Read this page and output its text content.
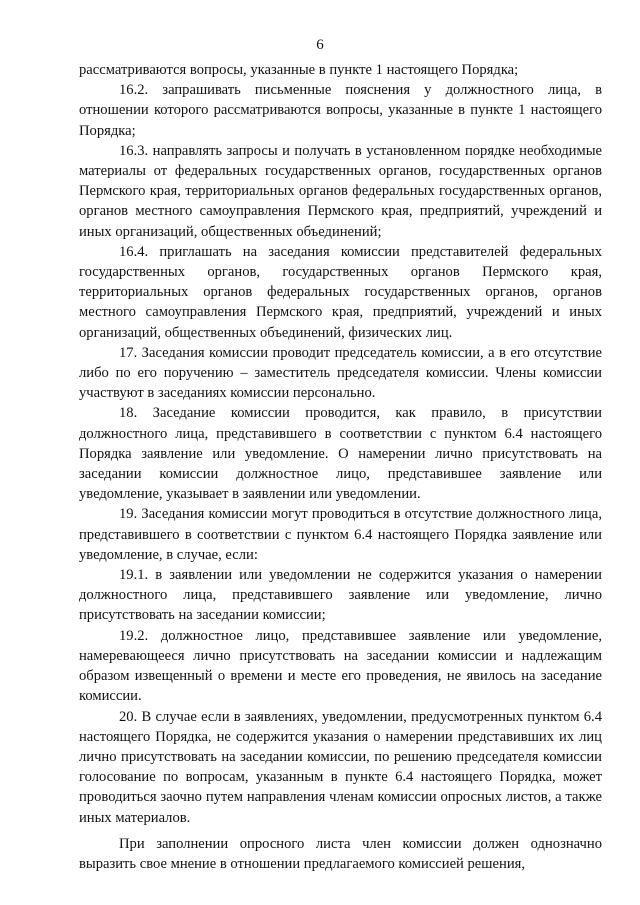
6

рассматриваются вопросы, указанные в пункте 1 настоящего Порядка;

16.2. запрашивать письменные пояснения у должностного лица, в отношении которого рассматриваются вопросы, указанные в пункте 1 настоящего Порядка;

16.3. направлять запросы и получать в установленном порядке необходимые материалы от федеральных государственных органов, государственных органов Пермского края, территориальных органов федеральных государственных органов, органов местного самоуправления Пермского края, предприятий, учреждений и иных организаций, общественных объединений;

16.4. приглашать на заседания комиссии представителей федеральных государственных органов, государственных органов Пермского края, территориальных органов федеральных государственных органов, органов местного самоуправления Пермского края, предприятий, учреждений и иных организаций, общественных объединений, физических лиц.

17. Заседания комиссии проводит председатель комиссии, а в его отсутствие либо по его поручению – заместитель председателя комиссии. Члены комиссии участвуют в заседаниях комиссии персонально.

18. Заседание комиссии проводится, как правило, в присутствии должностного лица, представившего в соответствии с пунктом 6.4 настоящего Порядка заявление или уведомление. О намерении лично присутствовать на заседании комиссии должностное лицо, представившее заявление или уведомление, указывает в заявлении или уведомлении.

19. Заседания комиссии могут проводиться в отсутствие должностного лица, представившего в соответствии с пунктом 6.4 настоящего Порядка заявление или уведомление, в случае, если:

19.1. в заявлении или уведомлении не содержится указания о намерении должностного лица, представившего заявление или уведомление, лично присутствовать на заседании комиссии;

19.2. должностное лицо, представившее заявление или уведомление, намеревающееся лично присутствовать на заседании комиссии и надлежащим образом извещенный о времени и месте его проведения, не явилось на заседание комиссии.

20. В случае если в заявлениях, уведомлении, предусмотренных пунктом 6.4 настоящего Порядка, не содержится указания о намерении представивших их лиц лично присутствовать на заседании комиссии, по решению председателя комиссии голосование по вопросам, указанным в пункте 6.4 настоящего Порядка, может проводиться заочно путем направления членам комиссии опросных листов, а также иных материалов.

При заполнении опросного листа член комиссии должен однозначно выразить свое мнение в отношении предлагаемого комиссией решения,
